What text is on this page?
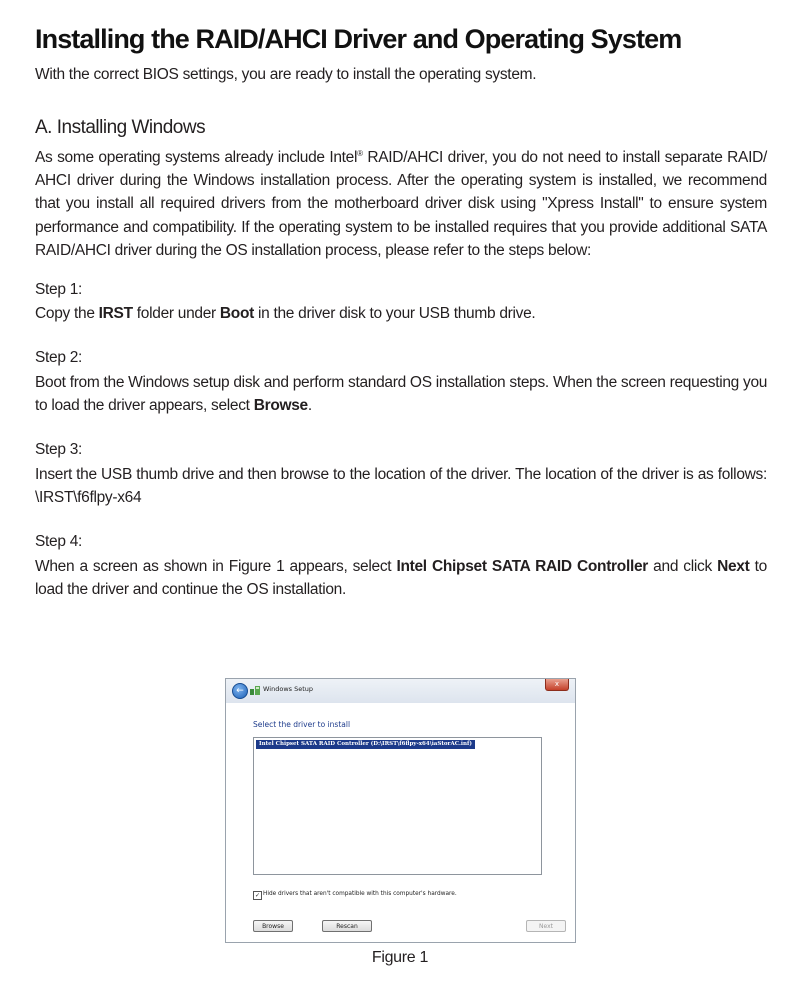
Installing the RAID/AHCI Driver and Operating System

With the correct BIOS settings, you are ready to install the operating system.

A. Installing Windows
As some operating systems already include Intel® RAID/AHCI driver, you do not need to install separate RAID/
AHCI driver during the Windows installation process. After the operating system is installed, we recommend
that you install all required drivers from the motherboard driver disk using "Xpress Install" to ensure system
performance and compatibility. If the operating system to be installed requires that you provide additional SATA
RAID/AHCI driver during the OS installation process, please refer to the steps below:

Step 1:

Copy the IRST folder under Boot in the driver disk to your USB thumb drive.

Step 2:

Boot from the Windows setup disk and perform standard OS installation steps. When the screen requesting you
to load the driver appears, select Browse.

Step 3:

Insert the USB thumb drive and then browse to the location of the driver. The location of the driver is as follows:
\IRST\f6flpy-x64

Step 4:

When a screen as shown in Figure 1 appears, select Intel Chipset SATA RAID Controller and click Next to
load the driver and continue the OS installation.
←	Windows Setup
x
Select the driver to install
Intel Chipset SATA RAID Controller (D:\IRST\f6flpy-x64\iaStorAC.inf)
✓ Hide drivers that aren't compatible with this computer's hardware.
Browse	Rescan	Next
Figure 1
